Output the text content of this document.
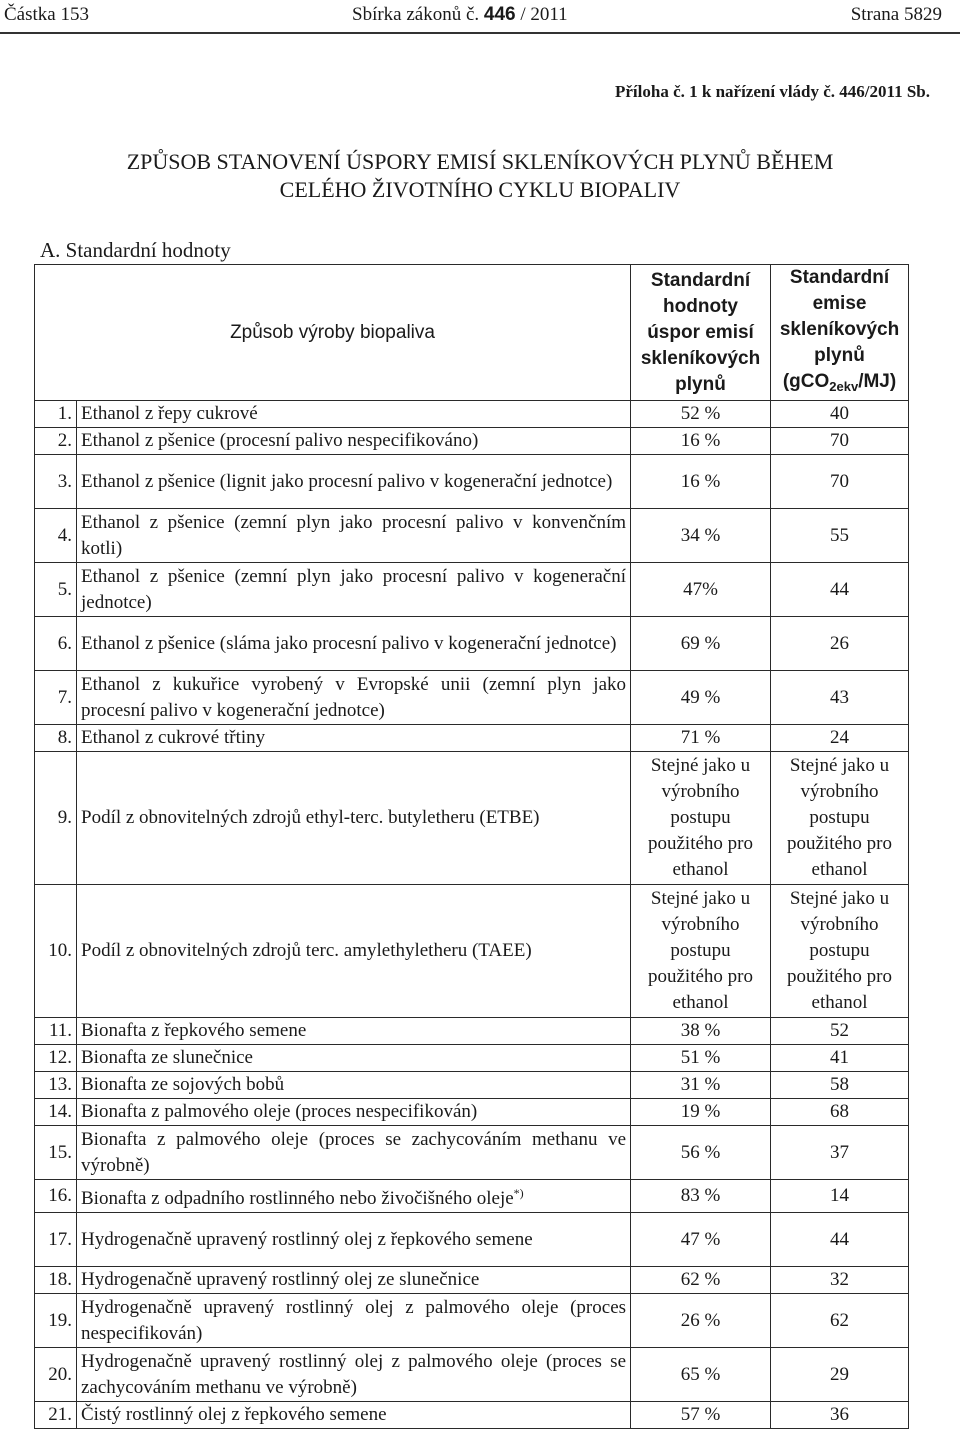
Částka 153	Sbírka zákonů č. 446 / 2011	Strana 5829
Příloha č. 1 k nařízení vlády č. 446/2011 Sb.
ZPŮSOB STANOVENÍ ÚSPORY EMISÍ SKLENÍKOVÝCH PLYNŮ BĚHEM
CELÉHO ŽIVOTNÍHO CYKLU BIOPALIV
A. Standardní hodnoty
Způsob výroby biopaliva		Standardní hodnoty úspor emisí skleníkových plynů	Standardní emise skleníkových plynů
(gCO$_{2ekv}$/MJ)
1.	Ethanol z řepy cukrové	52 %	40
2.	Ethanol z pšenice (procesní palivo nespecifikováno)	16 %	70
3.	Ethanol z pšenice (lignit jako procesní palivo v kogenerační jednotce)	16 %	70
4.	Ethanol z pšenice (zemní plyn jako procesní palivo v konvenčním kotli)	34 %	55
5.	Ethanol z pšenice (zemní plyn jako procesní palivo v kogenerační jednotce)	47%	44
6.	Ethanol z pšenice (sláma jako procesní palivo v kogenerační jednotce)	69 %	26
7.	Ethanol z kukuřice vyrobený v Evropské unii (zemní plyn jako procesní palivo v kogenerační jednotce)	49 %	43
8.	Ethanol z cukrové třtiny	71 %	24
9.	Podíl z obnovitelných zdrojů ethyl-terc. butyletheru (ETBE)	Stejné jako u výrobního postupu použitého pro ethanol	Stejné jako u výrobního postupu použitého pro ethanol
10.	Podíl z obnovitelných zdrojů terc. amylethyletheru (TAEE)	Stejné jako u výrobního postupu použitého pro ethanol	Stejné jako u výrobního postupu použitého pro ethanol
11.	Bionafta z řepkového semene	38 %	52
12.	Bionafta ze slunečnice	51 %	41
13.	Bionafta ze sojových bobů	31 %	58
14.	Bionafta z palmového oleje (proces nespecifikován)	19 %	68
15.	Bionafta z palmového oleje (proces se zachycováním methanu ve výrobně)	56 %	37
16.	Bionafta z odpadního rostlinného nebo živočišného oleje*)	83 %	14
17.	Hydrogenačně upravený rostlinný olej z řepkového semene	47 %	44
18.	Hydrogenačně upravený rostlinný olej ze slunečnice	62 %	32
19.	Hydrogenačně upravený rostlinný olej z palmového oleje (proces nespecifikován)	26 %	62
20.	Hydrogenačně upravený rostlinný olej z palmového oleje (proces se zachycováním methanu ve výrobně)	65 %	29
21.	Čistý rostlinný olej z řepkového semene	57 %	36
